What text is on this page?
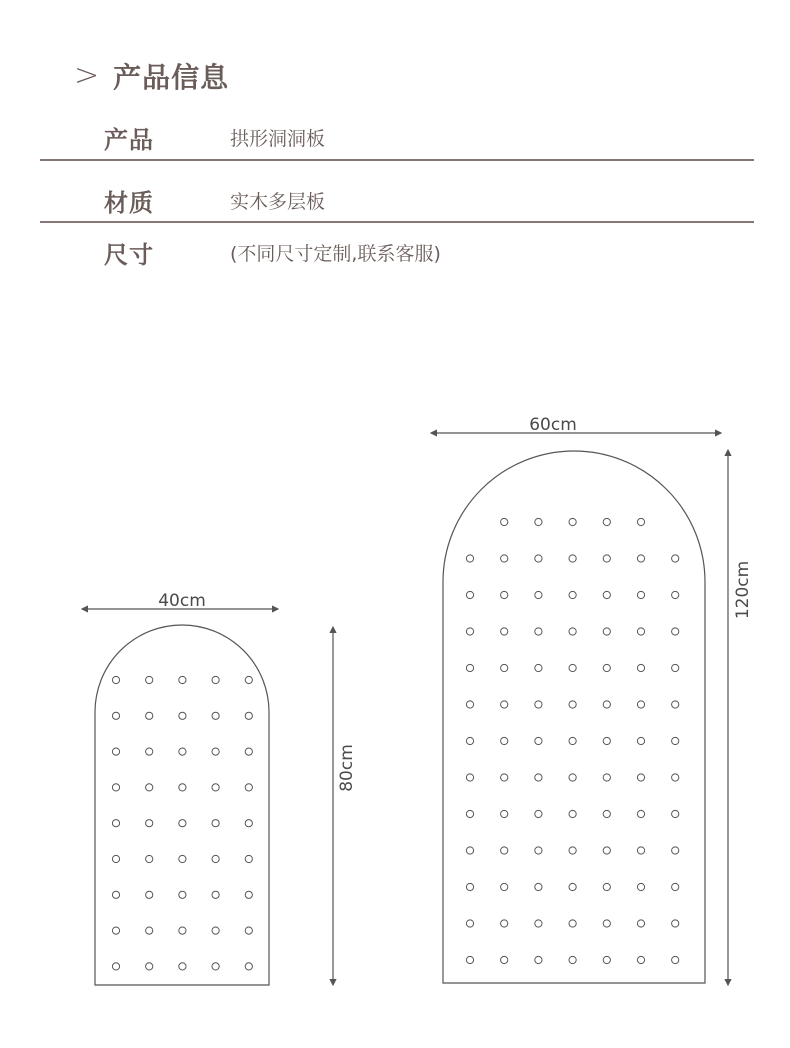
> 产品信息
产品	拱形洞洞板
材质	实木多层板
尺寸	(不同尺寸定制,联系客服)
40cm
80cm
60cm
120cm
